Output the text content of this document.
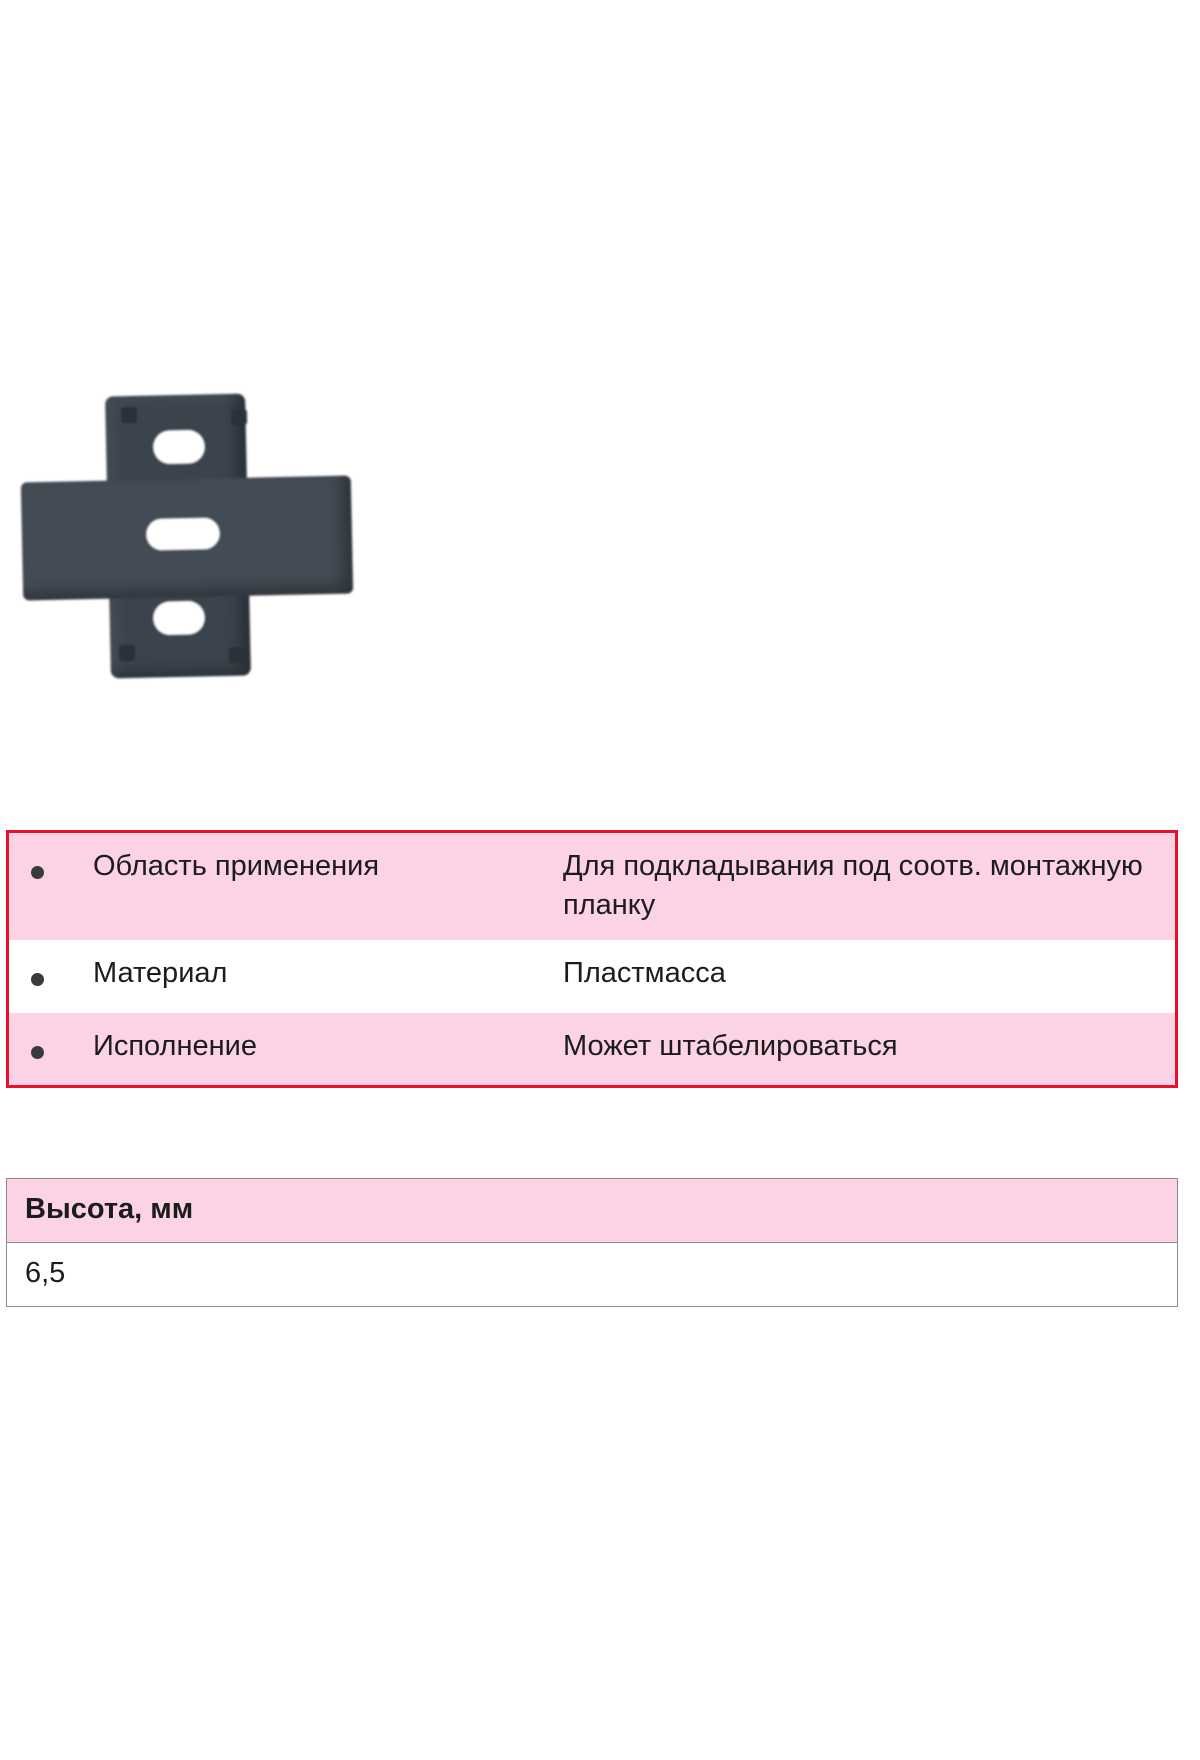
	Область применения	Для подкладывания под соотв. монтажную планку
	Материал	Пластмасса
	Исполнение	Может штабелироваться
Высота, мм
6,5
